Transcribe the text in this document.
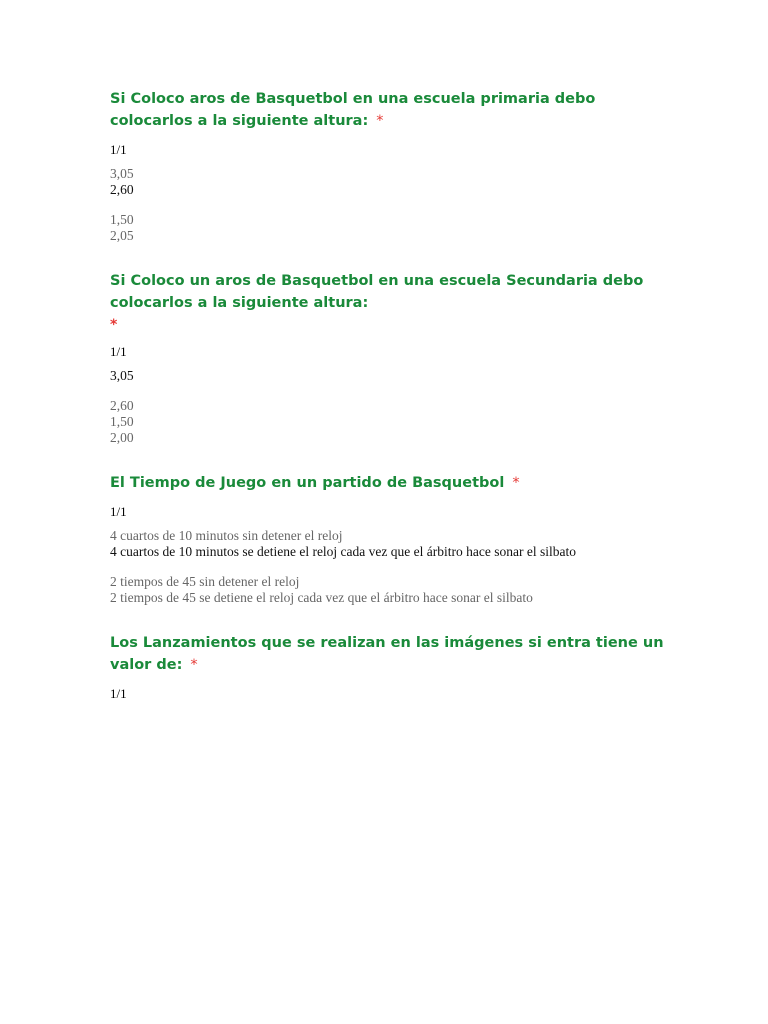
Si Coloco aros de Basquetbol en una escuela primaria debo colocarlos a la siguiente altura: *

1/1
3,05
2,60
1,50
2,05

Si Coloco un aros de Basquetbol en una escuela Secundaria debo colocarlos a la siguiente altura:
*

1/1
3,05
2,60
1,50
2,00

El Tiempo de Juego en un partido de Basquetbol *

1/1
4 cuartos de 10 minutos sin detener el reloj
4 cuartos de 10 minutos se detiene el reloj cada vez que el árbitro hace sonar el silbato
2 tiempos de 45 sin detener el reloj
2 tiempos de 45 se detiene el reloj cada vez que el árbitro hace sonar el silbato

Los Lanzamientos que se realizan en las imágenes si entra tiene un valor de: *

1/1
